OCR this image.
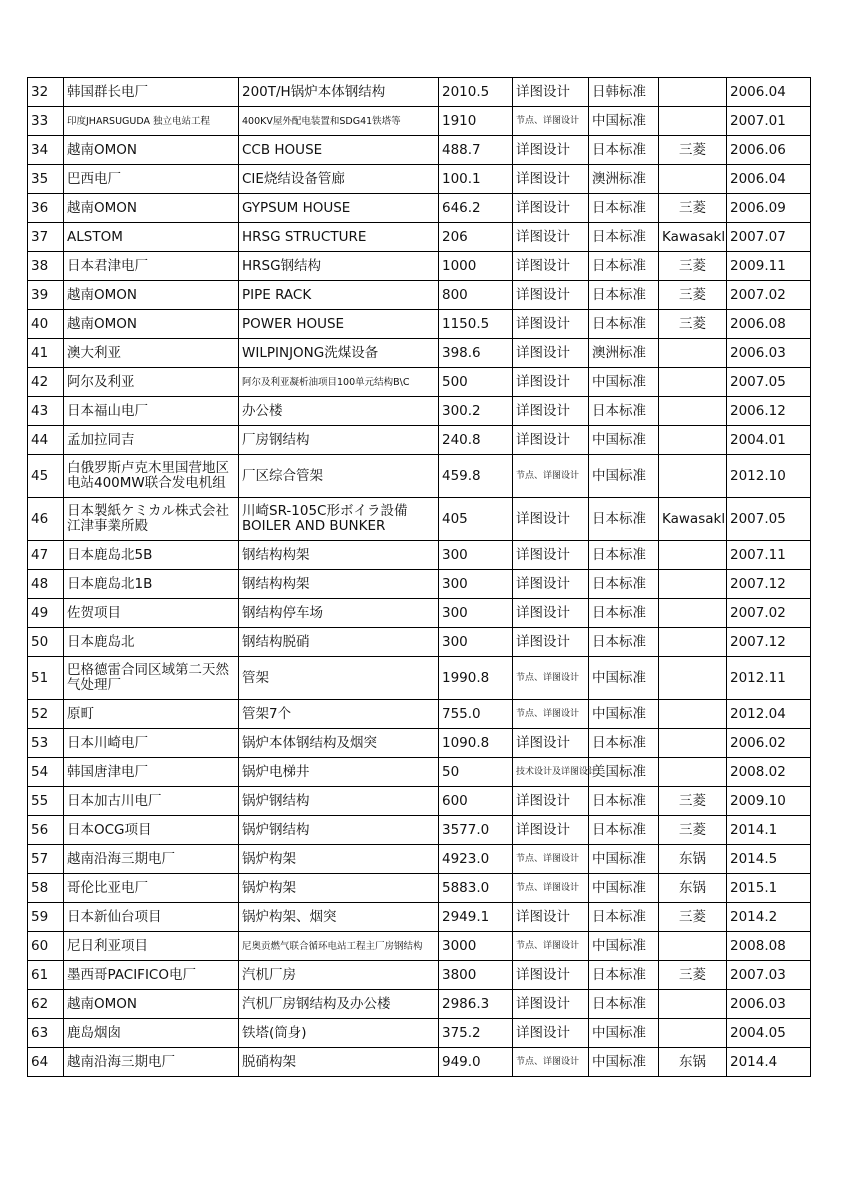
32	韩国群长电厂	200T/H锅炉本体钢结构	2010.5	详图设计	日韩标准		2006.04
33	印度JHARSUGUDA 独立电站工程	400KV屋外配电装置和SDG41铁塔等	1910	节点、详图设计	中国标准		2007.01
34	越南OMON	CCB HOUSE	488.7	详图设计	日本标准	三菱	2006.06
35	巴西电厂	CIE烧结设备管廊	100.1	详图设计	澳洲标准		2006.04
36	越南OMON	GYPSUM HOUSE	646.2	详图设计	日本标准	三菱	2006.09
37	ALSTOM	HRSG STRUCTURE	206	详图设计	日本标准	Kawasakl	2007.07
38	日本君津电厂	HRSG钢结构	1000	详图设计	日本标准	三菱	2009.11
39	越南OMON	PIPE RACK	800	详图设计	日本标准	三菱	2007.02
40	越南OMON	POWER HOUSE	1150.5	详图设计	日本标准	三菱	2006.08
41	澳大利亚	WILPINJONG洗煤设备	398.6	详图设计	澳洲标准		2006.03
42	阿尔及利亚	阿尔及利亚凝析油项目100单元结构B\C	500	详图设计	中国标准		2007.05
43	日本福山电厂	办公楼	300.2	详图设计	日本标准		2006.12
44	孟加拉同吉	厂房钢结构	240.8	详图设计	中国标准		2004.01
45	白俄罗斯卢克木里国营地区电站400MW联合发电机组	厂区综合管架	459.8	节点、详图设计	中国标准		2012.10
46	日本製紙ケミカル株式会社江津事業所殿	川崎SR-105C形ボイラ設備 BOILER AND BUNKER	405	详图设计	日本标准	Kawasakl	2007.05
47	日本鹿岛北5B	钢结构构架	300	详图设计	日本标准		2007.11
48	日本鹿岛北1B	钢结构构架	300	详图设计	日本标准		2007.12
49	佐贺项目	钢结构停车场	300	详图设计	日本标准		2007.02
50	日本鹿岛北	钢结构脱硝	300	详图设计	日本标准		2007.12
51	巴格德雷合同区域第二天然气处理厂	管架	1990.8	节点、详图设计	中国标准		2012.11
52	原町	管架7个	755.0	节点、详图设计	中国标准		2012.04
53	日本川崎电厂	锅炉本体钢结构及烟突	1090.8	详图设计	日本标准		2006.02
54	韩国唐津电厂	锅炉电梯井	50	技术设计及详图设计	美国标准		2008.02
55	日本加古川电厂	锅炉钢结构	600	详图设计	日本标准	三菱	2009.10
56	日本OCG项目	锅炉钢结构	3577.0	详图设计	日本标准	三菱	2014.1
57	越南沿海三期电厂	锅炉构架	4923.0	节点、详图设计	中国标准	东锅	2014.5
58	哥伦比亚电厂	锅炉构架	5883.0	节点、详图设计	中国标准	东锅	2015.1
59	日本新仙台项目	锅炉构架、烟突	2949.1	详图设计	日本标准	三菱	2014.2
60	尼日利亚项目	尼奥贡燃气联合循环电站工程主厂房钢结构	3000	节点、详图设计	中国标准		2008.08
61	墨西哥PACIFICO电厂	汽机厂房	3800	详图设计	日本标准	三菱	2007.03
62	越南OMON	汽机厂房钢结构及办公楼	2986.3	详图设计	日本标准		2006.03
63	鹿岛烟囱	铁塔(筒身)	375.2	详图设计	中国标准		2004.05
64	越南沿海三期电厂	脱硝构架	949.0	节点、详图设计	中国标准	东锅	2014.4
